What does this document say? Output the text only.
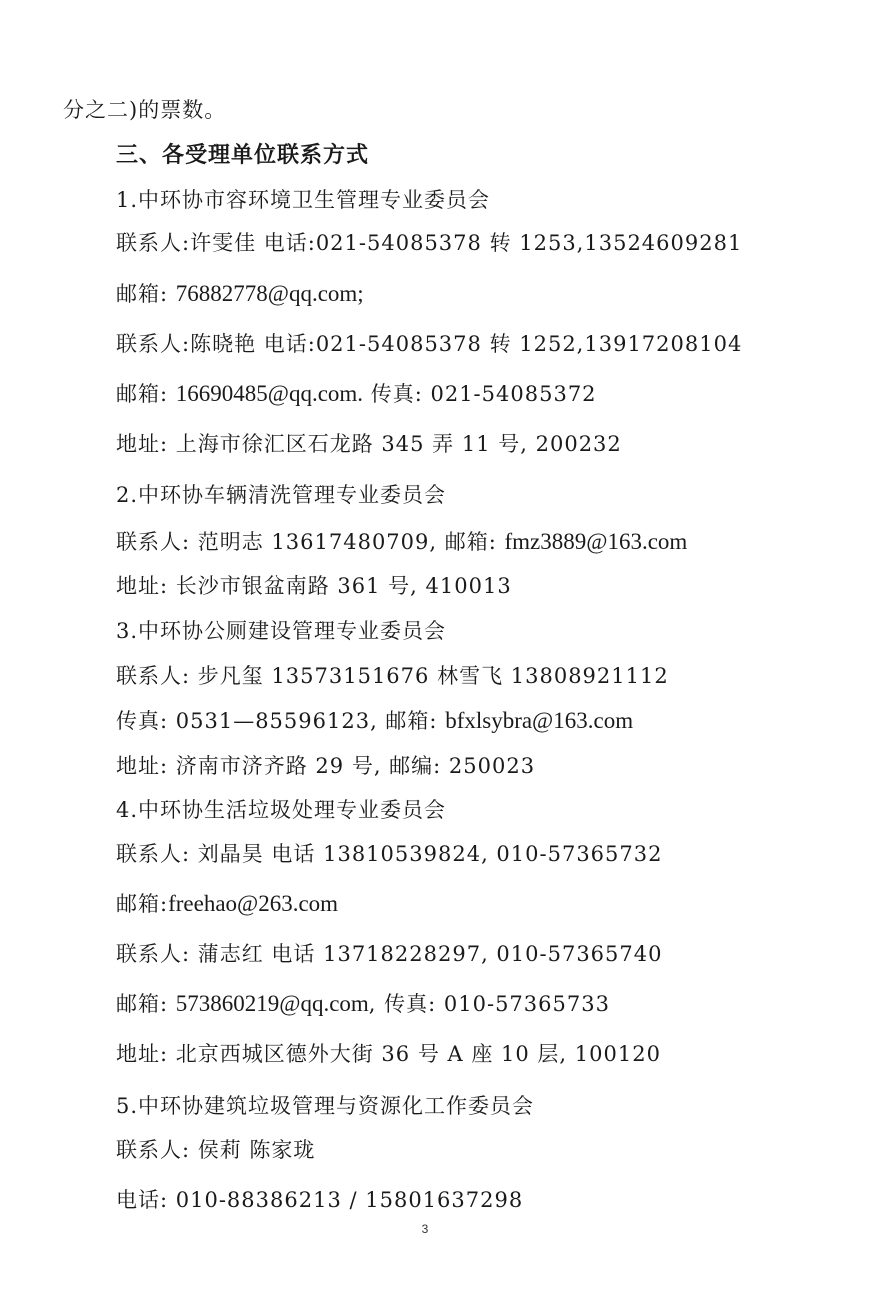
分之二)的票数。
三、各受理单位联系方式
1.中环协市容环境卫生管理专业委员会
联系人:许雯佳 电话:021-54085378 转 1253,13524609281
邮箱: 76882778@qq.com;
联系人:陈晓艳 电话:021-54085378 转 1252,13917208104
邮箱: 16690485@qq.com. 传真: 021-54085372
地址: 上海市徐汇区石龙路 345 弄 11 号, 200232
2.中环协车辆清洗管理专业委员会
联系人: 范明志 13617480709, 邮箱: fmz3889@163.com
地址: 长沙市银盆南路 361 号, 410013
3.中环协公厕建设管理专业委员会
联系人: 步凡玺 13573151676 林雪飞 13808921112
传真: 0531—85596123, 邮箱: bfxlsybra@163.com
地址: 济南市济齐路 29 号, 邮编: 250023
4.中环协生活垃圾处理专业委员会
联系人: 刘晶昊 电话 13810539824, 010-57365732
邮箱:freehao@263.com
联系人: 蒲志红 电话 13718228297, 010-57365740
邮箱: 573860219@qq.com, 传真: 010-57365733
地址: 北京西城区德外大街 36 号 A 座 10 层, 100120
5.中环协建筑垃圾管理与资源化工作委员会
联系人: 侯莉 陈家珑
电话: 010-88386213 / 15801637298
3
